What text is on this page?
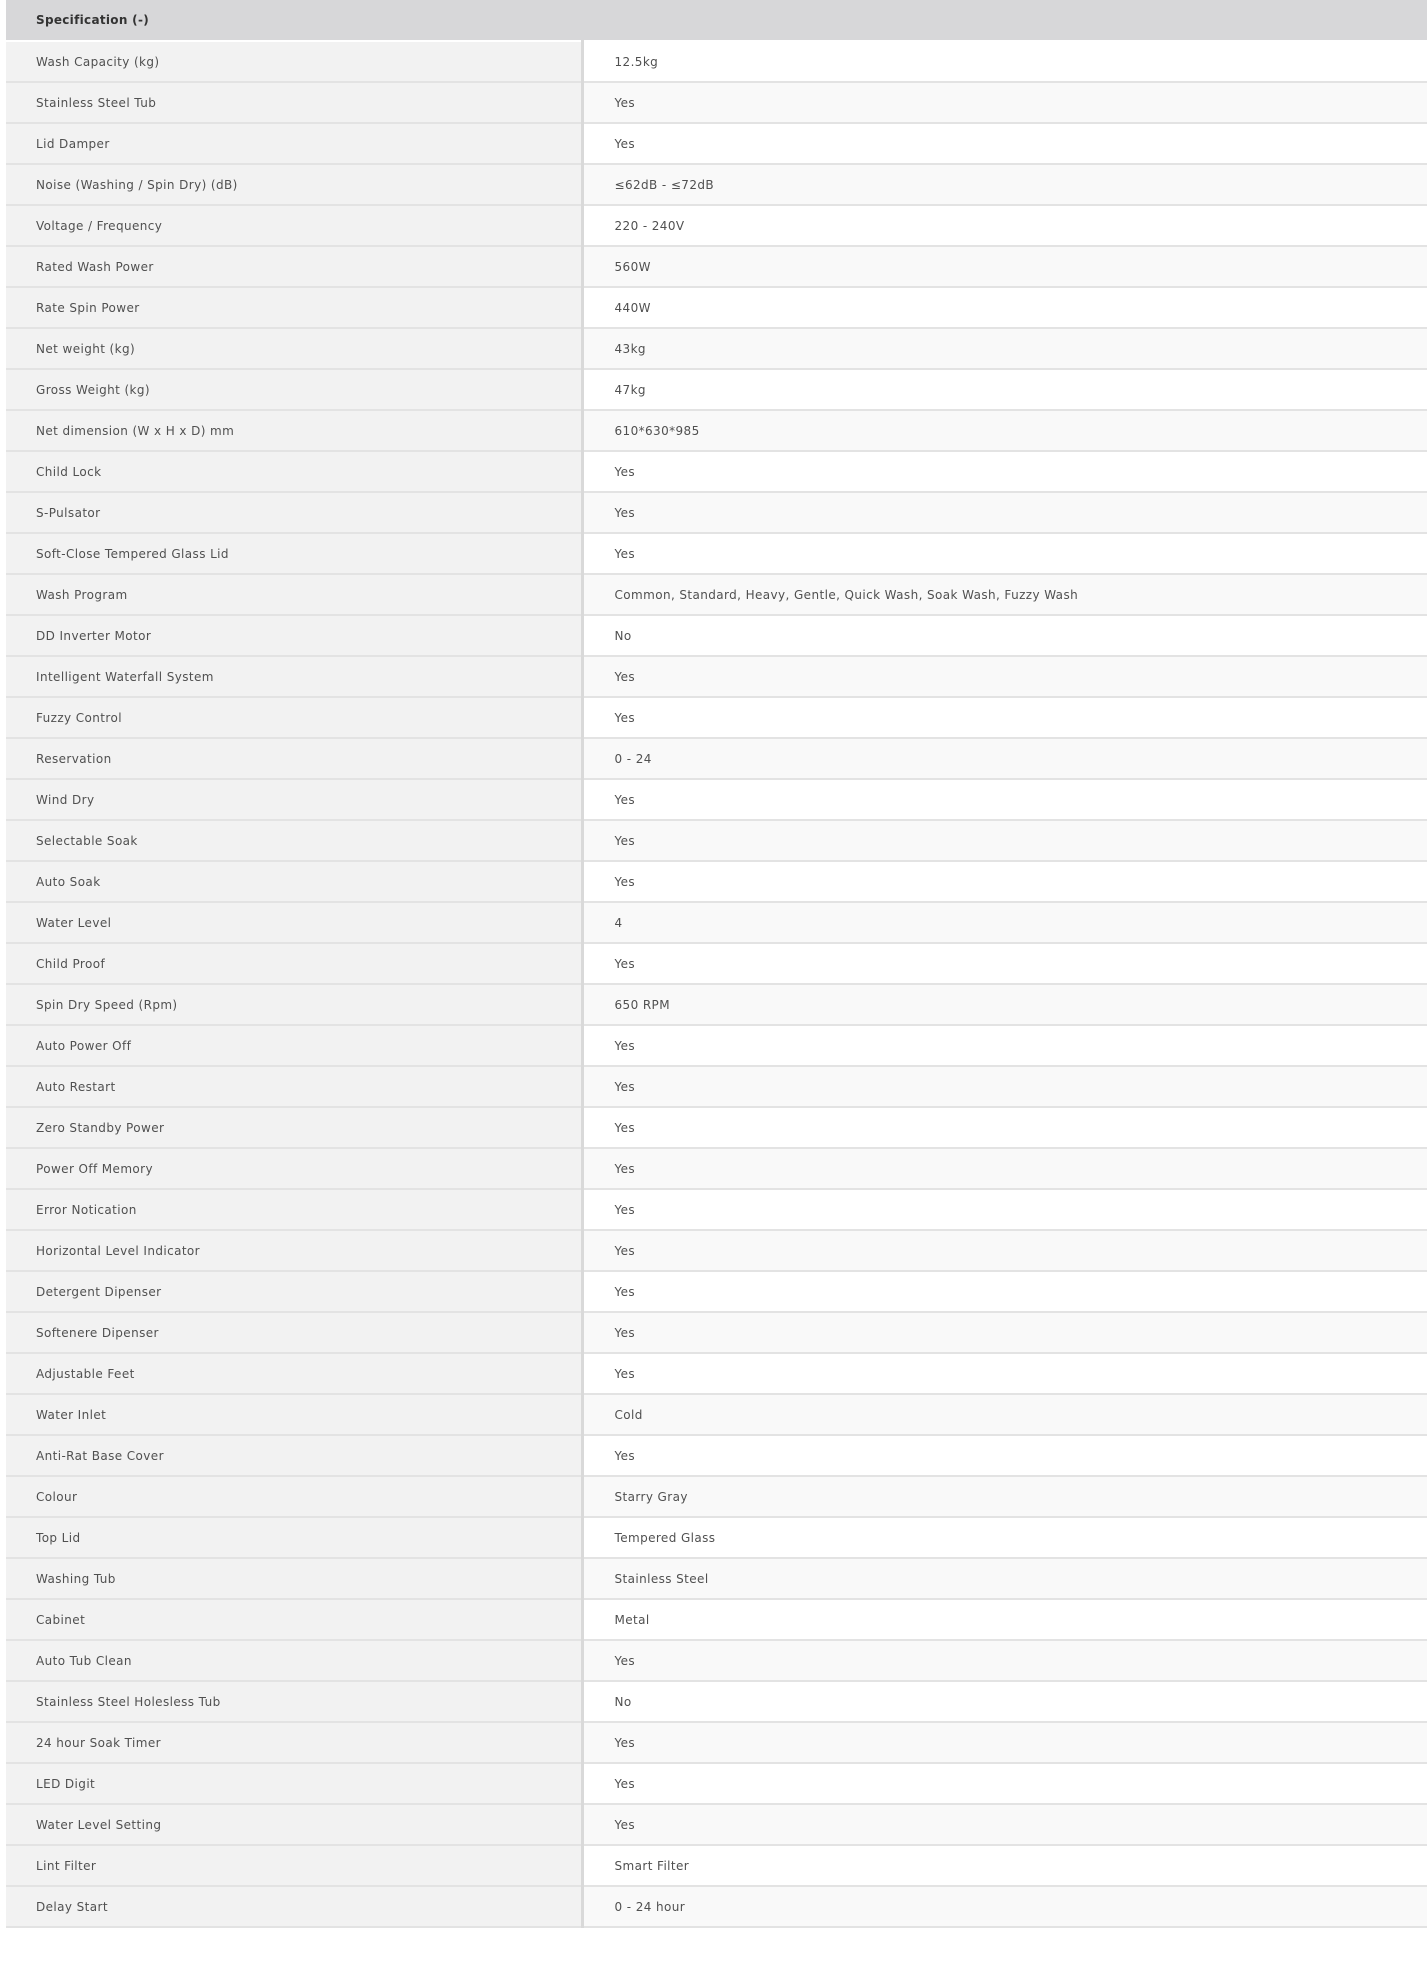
Specification (-)	
Wash Capacity (kg)	12.5kg
Stainless Steel Tub	Yes
Lid Damper	Yes
Noise (Washing / Spin Dry) (dB)	≤62dB - ≤72dB
Voltage / Frequency	220 - 240V
Rated Wash Power	560W
Rate Spin Power	440W
Net weight (kg)	43kg
Gross Weight (kg)	47kg
Net dimension (W x H x D) mm	610*630*985
Child Lock	Yes
S-Pulsator	Yes
Soft-Close Tempered Glass Lid	Yes
Wash Program	Common, Standard, Heavy, Gentle, Quick Wash, Soak Wash, Fuzzy Wash
DD Inverter Motor	No
Intelligent Waterfall System	Yes
Fuzzy Control	Yes
Reservation	0 - 24
Wind Dry	Yes
Selectable Soak	Yes
Auto Soak	Yes
Water Level	4
Child Proof	Yes
Spin Dry Speed (Rpm)	650 RPM
Auto Power Off	Yes
Auto Restart	Yes
Zero Standby Power	Yes
Power Off Memory	Yes
Error Notication	Yes
Horizontal Level Indicator	Yes
Detergent Dipenser	Yes
Softenere Dipenser	Yes
Adjustable Feet	Yes
Water Inlet	Cold
Anti-Rat Base Cover	Yes
Colour	Starry Gray
Top Lid	Tempered Glass
Washing Tub	Stainless Steel
Cabinet	Metal
Auto Tub Clean	Yes
Stainless Steel Holesless Tub	No
24 hour Soak Timer	Yes
LED Digit	Yes
Water Level Setting	Yes
Lint Filter	Smart Filter
Delay Start	0 - 24 hour
